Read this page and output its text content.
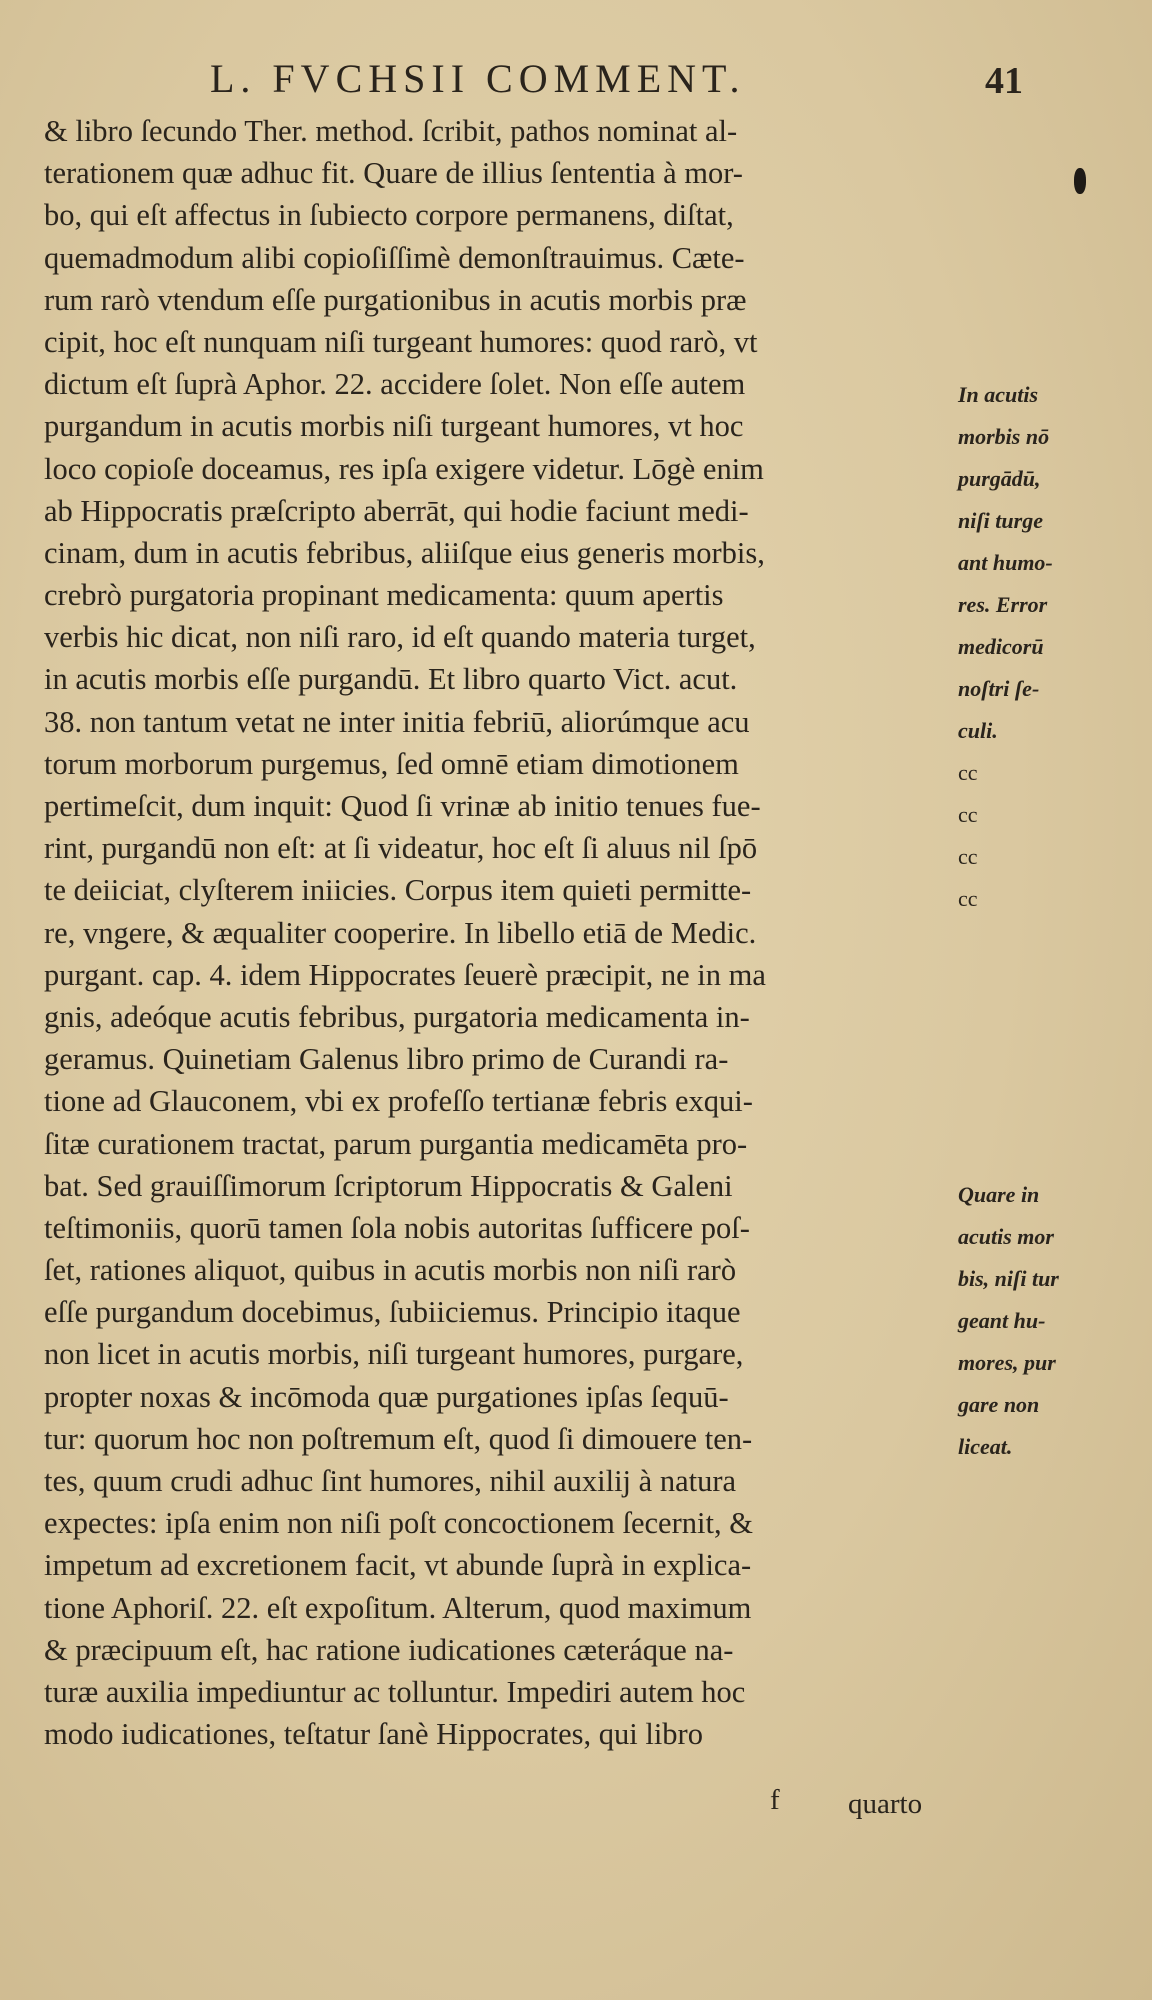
L. FVCHSII COMMENT.	41
& libro ſecundo Ther. method. ſcribit, pathos nominat al-
terationem quæ adhuc fit. Quare de illius ſententia à mor-
bo, qui eſt affectus in ſubiecto corpore permanens, diſtat,
quemadmodum alibi copioſiſſimè demonſtrauimus. Cæte-
rum rarò vtendum eſſe purgationibus in acutis morbis præ
cipit, hoc eſt nunquam niſi turgeant humores: quod rarò, vt
dictum eſt ſuprà Aphor. 22. accidere ſolet. Non eſſe autem
purgandum in acutis morbis niſi turgeant humores, vt hoc
loco copioſe doceamus, res ipſa exigere videtur. Lōgè enim
ab Hippocratis præſcripto aberrāt, qui hodie faciunt medi-
cinam, dum in acutis febribus, aliiſque eius generis morbis,
crebrò purgatoria propinant medicamenta: quum apertis
verbis hic dicat, non niſi raro, id eſt quando materia turget,
in acutis morbis eſſe purgandū. Et libro quarto Vict. acut.
38. non tantum vetat ne inter initia febriū, aliorúmque acu
torum morborum purgemus, ſed omnē etiam dimotionem
pertimeſcit, dum inquit: Quod ſi vrinæ ab initio tenues fue-
rint, purgandū non eſt: at ſi videatur, hoc eſt ſi aluus nil ſpō
te deiiciat, clyſterem iniicies. Corpus item quieti permitte-
re, vngere, & æqualiter cooperire. In libello etiā de Medic.
purgant. cap. 4. idem Hippocrates ſeuerè præcipit, ne in ma
gnis, adeóque acutis febribus, purgatoria medicamenta in-
geramus. Quinetiam Galenus libro primo de Curandi ra-
tione ad Glauconem, vbi ex profeſſo tertianæ febris exqui-
ſitæ curationem tractat, parum purgantia medicamēta pro-
bat. Sed grauiſſimorum ſcriptorum Hippocratis & Galeni
teſtimoniis, quorū tamen ſola nobis autoritas ſufficere poſ-
ſet, rationes aliquot, quibus in acutis morbis non niſi rarò
eſſe purgandum docebimus, ſubiiciemus. Principio itaque
non licet in acutis morbis, niſi turgeant humores, purgare,
propter noxas & incōmoda quæ purgationes ipſas ſequū-
tur: quorum hoc non poſtremum eſt, quod ſi dimouere ten-
tes, quum crudi adhuc ſint humores, nihil auxilij à natura
expectes: ipſa enim non niſi poſt concoctionem ſecernit, &
impetum ad excretionem facit, vt abunde ſuprà in explica-
tione Aphoriſ. 22. eſt expoſitum. Alterum, quod maximum
& præcipuum eſt, hac ratione iudicationes cæteráque na-
turæ auxilia impediuntur ac tolluntur. Impediri autem hoc
modo iudicationes, teſtatur ſanè Hippocrates, qui libro
In acutis
morbis nō
purgādū,
niſi turge
ant humo-
res. Error
medicorū
noſtri ſe-
culi.
cc
cc
cc
cc
Quare in
acutis mor
bis, niſi tur
geant hu-
mores, pur
gare non
liceat.
f quarto
